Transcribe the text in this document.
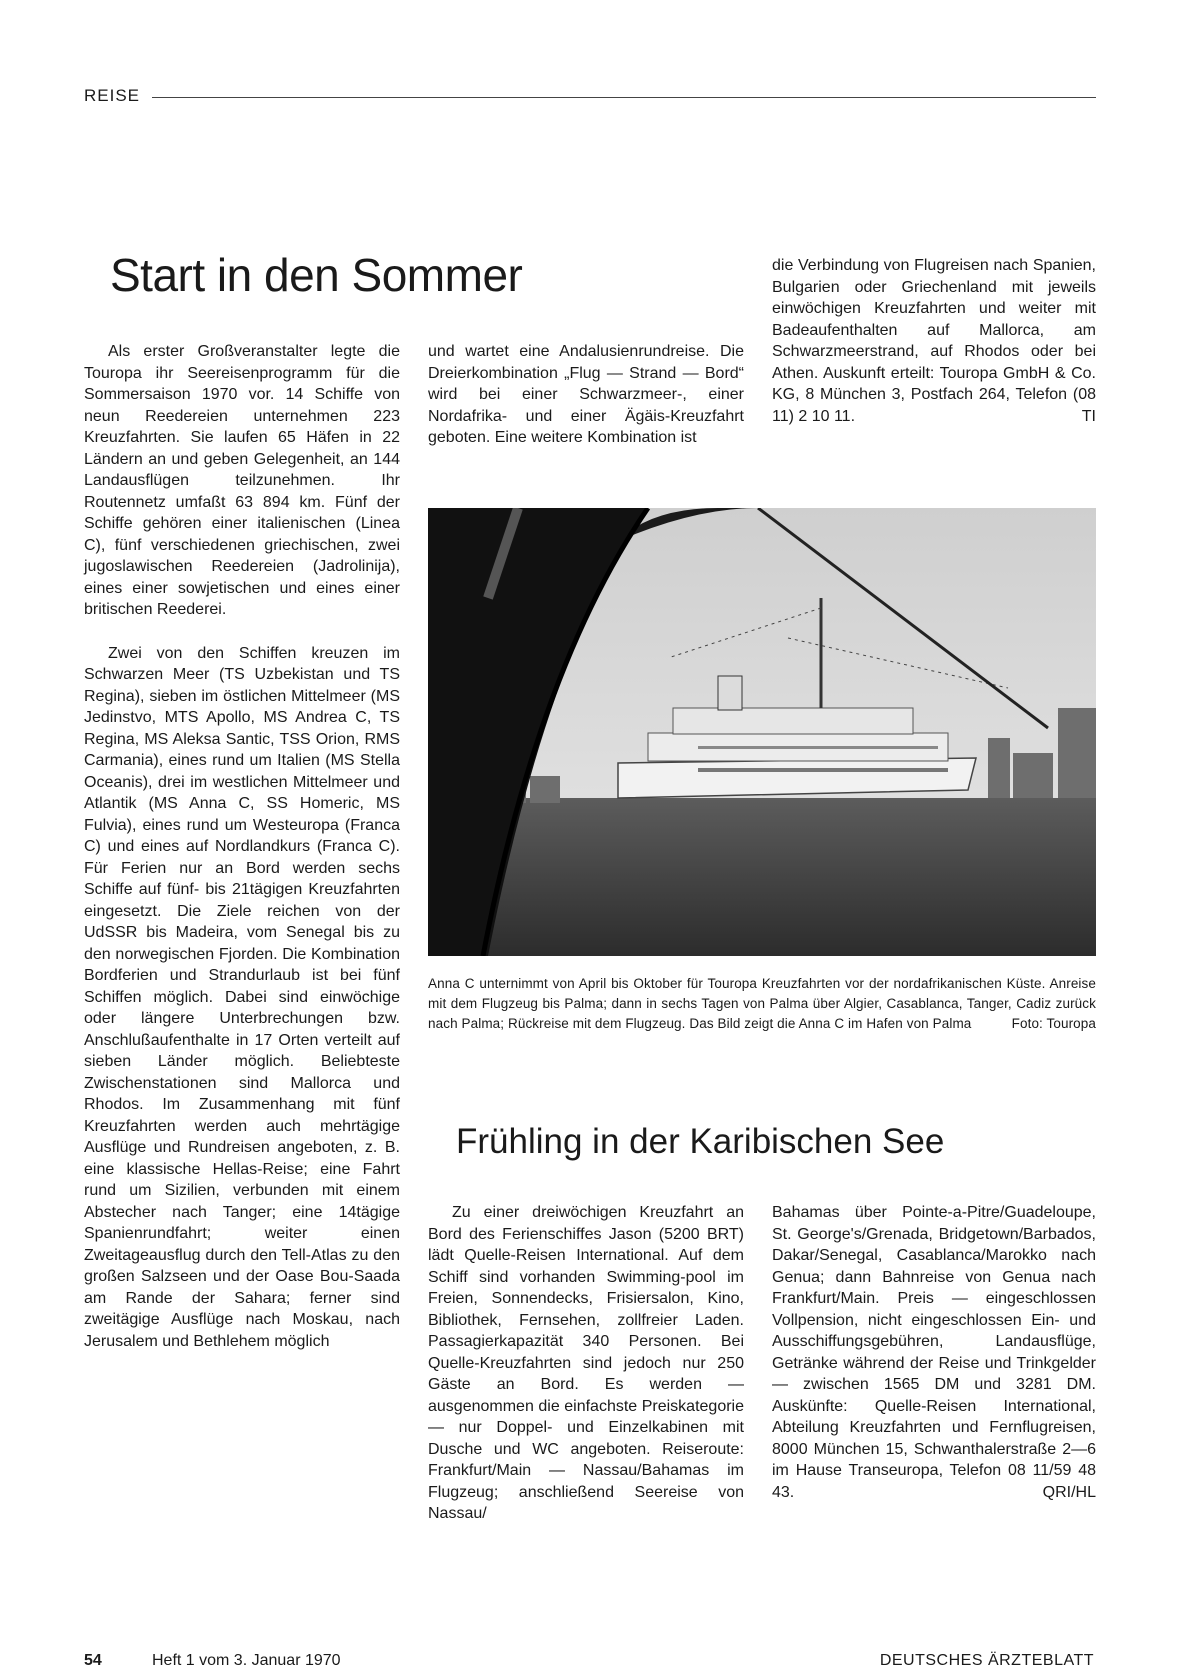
REISE
Start in den Sommer

Als erster Großveranstalter legte die Touropa ihr Seereisenprogramm für die Sommersaison 1970 vor. 14 Schiffe von neun Reedereien unternehmen 223 Kreuzfahrten. Sie laufen 65 Häfen in 22 Ländern an und geben Gelegenheit, an 144 Landausflügen teilzunehmen. Ihr Routennetz umfaßt 63 894 km. Fünf der Schiffe gehören einer italienischen (Linea C), fünf verschiedenen griechischen, zwei jugoslawischen Reedereien (Jadrolinija), eines einer sowjetischen und eines einer britischen Reederei.

Zwei von den Schiffen kreuzen im Schwarzen Meer (TS Uzbekistan und TS Regina), sieben im östlichen Mittelmeer (MS Jedinstvo, MTS Apollo, MS Andrea C, TS Regina, MS Aleksa Santic, TSS Orion, RMS Carmania), eines rund um Italien (MS Stella Oceanis), drei im westlichen Mittelmeer und Atlantik (MS Anna C, SS Homeric, MS Fulvia), eines rund um Westeuropa (Franca C) und eines auf Nordlandkurs (Franca C). Für Ferien nur an Bord werden sechs Schiffe auf fünf- bis 21tägigen Kreuzfahrten eingesetzt. Die Ziele reichen von der UdSSR bis Madeira, vom Senegal bis zu den norwegischen Fjorden. Die Kombination Bordferien und Strandurlaub ist bei fünf Schiffen möglich. Dabei sind einwöchige oder längere Unterbrechungen bzw. Anschlußaufenthalte in 17 Orten verteilt auf sieben Länder möglich. Beliebteste Zwischenstationen sind Mallorca und Rhodos. Im Zusammenhang mit fünf Kreuzfahrten werden auch mehrtägige Ausflüge und Rundreisen angeboten, z. B. eine klassische Hellas-Reise; eine Fahrt rund um Sizilien, verbunden mit einem Abstecher nach Tanger; eine 14tägige Spanienrundfahrt; weiter einen Zweitageausflug durch den Tell-Atlas zu den großen Salzseen und der Oase Bou-Saada am Rande der Sahara; ferner sind zweitägige Ausflüge nach Moskau, nach Jerusalem und Bethlehem möglich

und wartet eine Andalusienrundreise. Die Dreierkombination „Flug — Strand — Bord“ wird bei einer Schwarzmeer-, einer Nordafrika- und einer Ägäis-Kreuzfahrt geboten. Eine weitere Kombination ist

die Verbindung von Flugreisen nach Spanien, Bulgarien oder Griechenland mit jeweils einwöchigen Kreuzfahrten und weiter mit Badeaufenthalten auf Mallorca, am Schwarzmeerstrand, auf Rhodos oder bei Athen. Auskunft erteilt: Touropa GmbH & Co. KG, 8 München 3, Postfach 264, Telefon (08 11) 2 10 11.	TI
Anna C unternimmt von April bis Oktober für Touropa Kreuzfahrten vor der nordafrikanischen Küste. Anreise mit dem Flugzeug bis Palma; dann in sechs Tagen von Palma über Algier, Casablanca, Tanger, Cadiz zurück nach Palma; Rückreise mit dem Flugzeug. Das Bild zeigt die Anna C im Hafen von Palma	Foto: Touropa
Frühling in der Karibischen See

Zu einer dreiwöchigen Kreuzfahrt an Bord des Ferienschiffes Jason (5200 BRT) lädt Quelle-Reisen International. Auf dem Schiff sind vorhanden Swimming-pool im Freien, Sonnendecks, Frisiersalon, Kino, Bibliothek, Fernsehen, zollfreier Laden. Passagierkapazität 340 Personen. Bei Quelle-Kreuzfahrten sind jedoch nur 250 Gäste an Bord. Es werden — ausgenommen die einfachste Preiskategorie — nur Doppel- und Einzelkabinen mit Dusche und WC angeboten. Reiseroute: Frankfurt/Main — Nassau/Bahamas im Flugzeug; anschließend Seereise von Nassau/

Bahamas über Pointe-a-Pitre/Guadeloupe, St. George's/Grenada, Bridgetown/Barbados, Dakar/Senegal, Casablanca/Marokko nach Genua; dann Bahnreise von Genua nach Frankfurt/Main. Preis — eingeschlossen Vollpension, nicht eingeschlossen Ein- und Ausschiffungsgebühren, Landausflüge, Getränke während der Reise und Trinkgelder — zwischen 1565 DM und 3281 DM. Auskünfte: Quelle-Reisen International, Abteilung Kreuzfahrten und Fernflugreisen, 8000 München 15, Schwanthalerstraße 2—6 im Hause Transeuropa, Telefon 08 11/59 48 43.	QRI/HL
54	Heft 1 vom 3. Januar 1970	DEUTSCHES ÄRZTEBLATT
